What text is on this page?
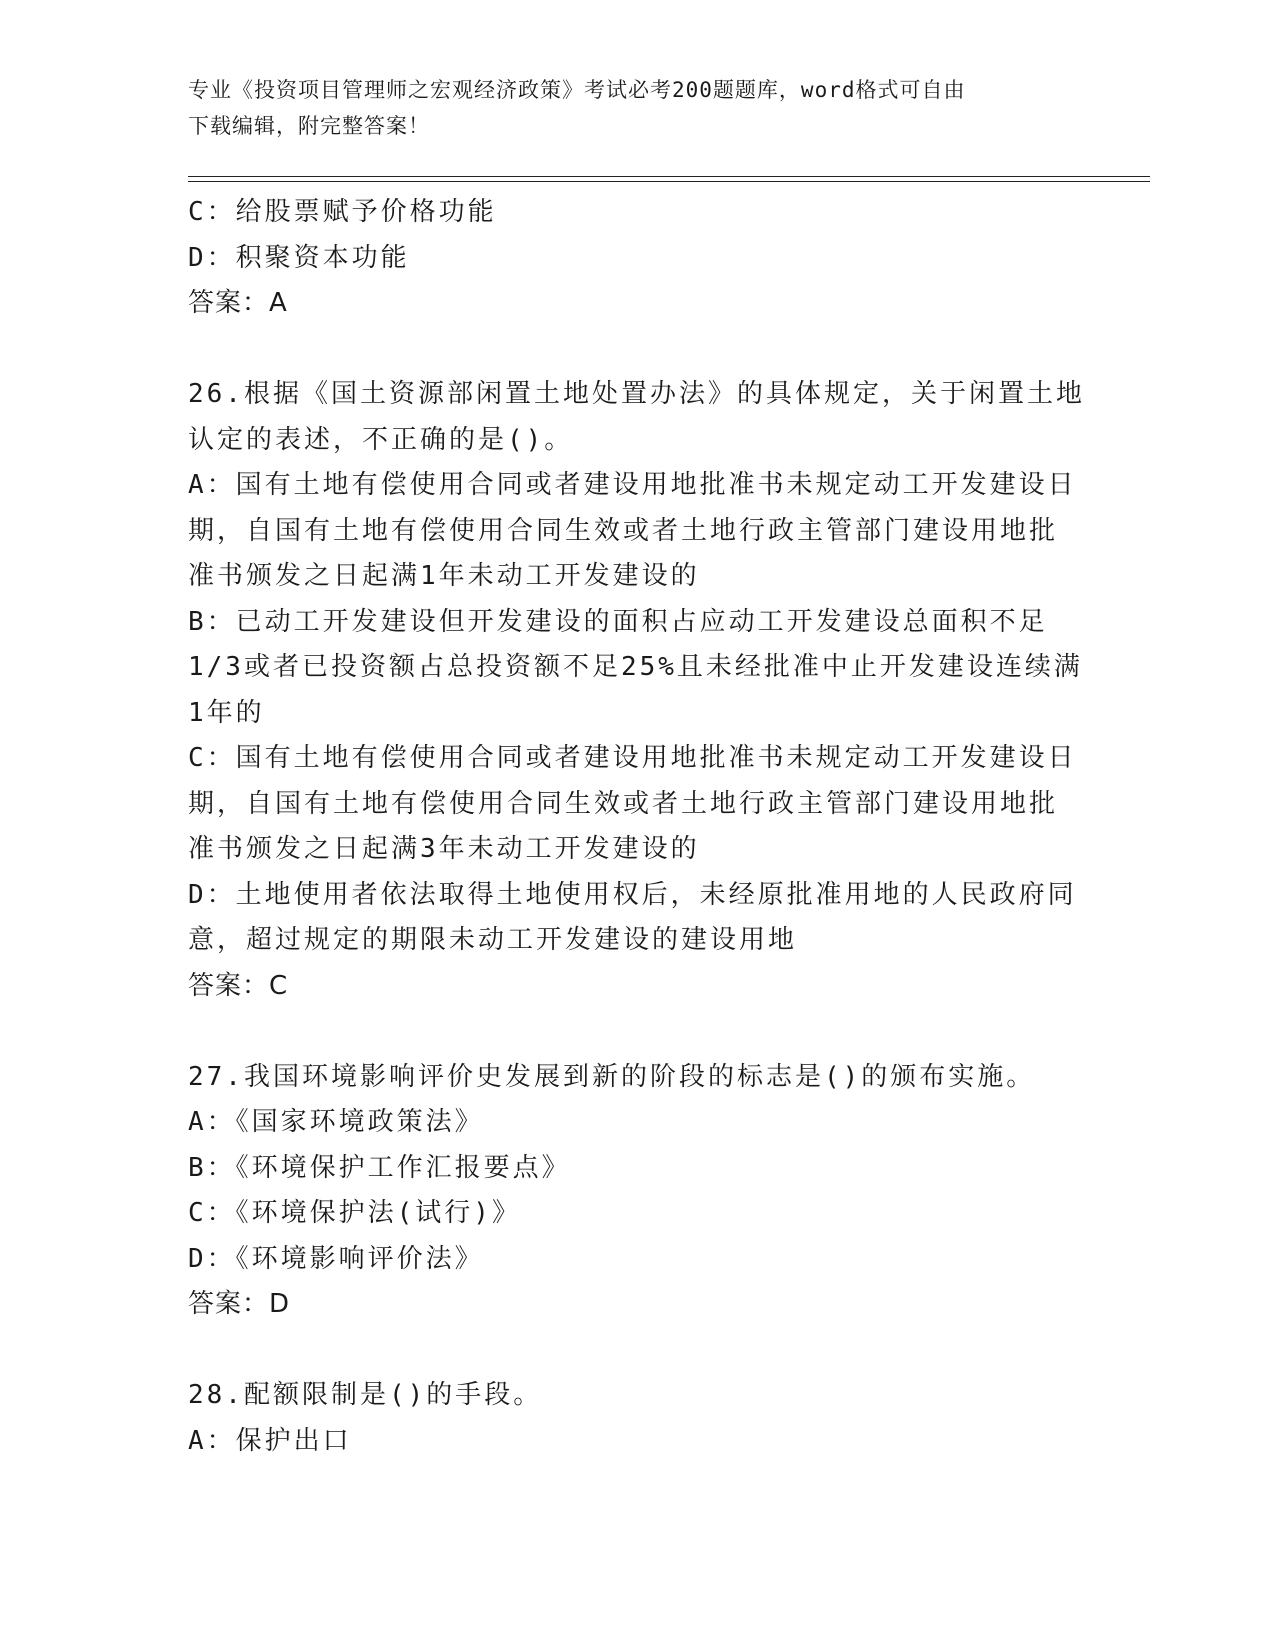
专业《投资项目管理师之宏观经济政策》考试必考200题题库，word格式可自由
下载编辑，附完整答案！
C：给股票赋予价格功能
D：积聚资本功能
答案：A
26.根据《国土资源部闲置土地处置办法》的具体规定，关于闲置土地
认定的表述，不正确的是()。
A：国有土地有偿使用合同或者建设用地批准书未规定动工开发建设日
期，自国有土地有偿使用合同生效或者土地行政主管部门建设用地批
准书颁发之日起满1年未动工开发建设的
B：已动工开发建设但开发建设的面积占应动工开发建设总面积不足
1/3或者已投资额占总投资额不足25%且未经批准中止开发建设连续满
1年的
C：国有土地有偿使用合同或者建设用地批准书未规定动工开发建设日
期，自国有土地有偿使用合同生效或者土地行政主管部门建设用地批
准书颁发之日起满3年未动工开发建设的
D：土地使用者依法取得土地使用权后，未经原批准用地的人民政府同
意，超过规定的期限未动工开发建设的建设用地
答案：C
27.我国环境影响评价史发展到新的阶段的标志是()的颁布实施。
A：《国家环境政策法》
B：《环境保护工作汇报要点》
C：《环境保护法(试行)》
D：《环境影响评价法》
答案：D
28.配额限制是()的手段。
A：保护出口
